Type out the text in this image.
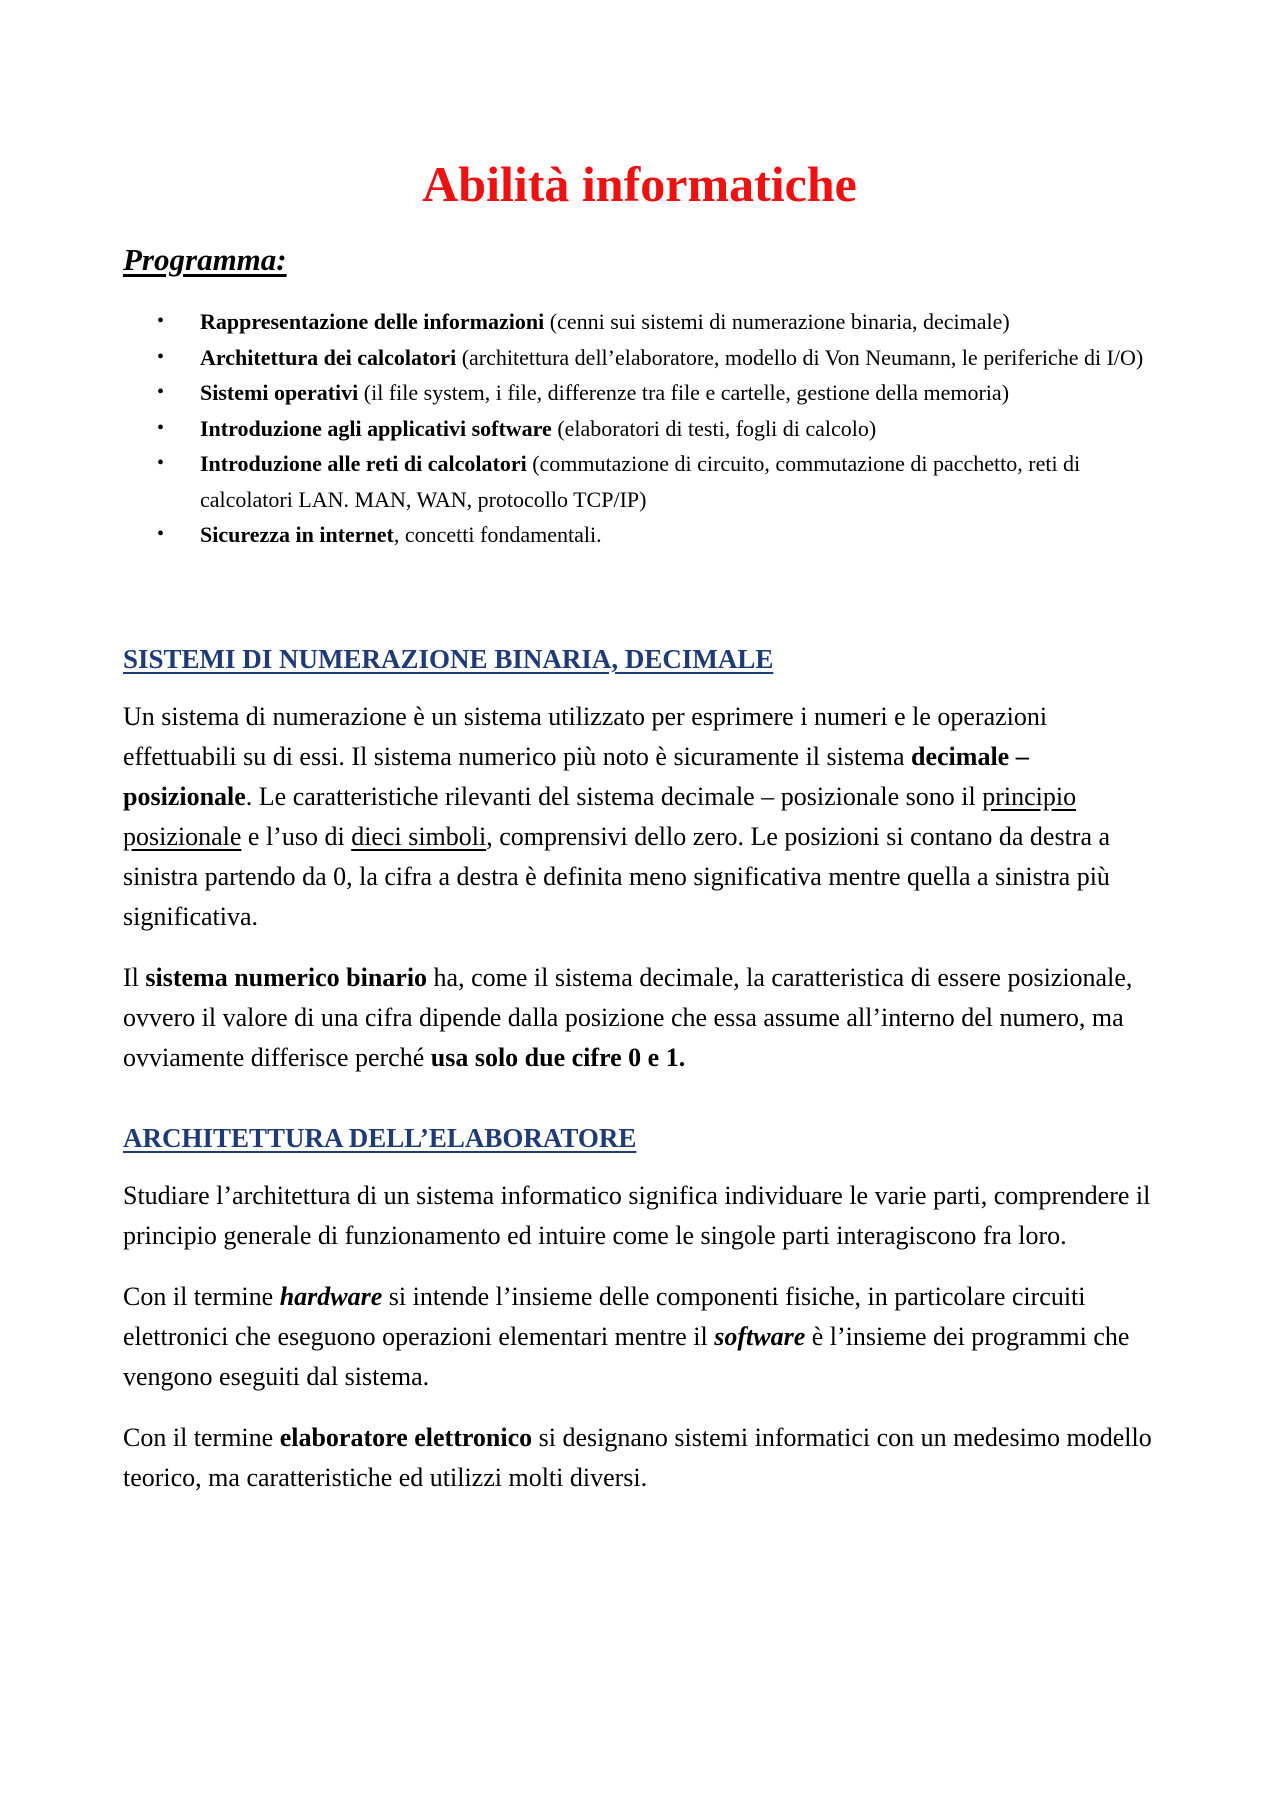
Abilità informatiche
Programma:
• Rappresentazione delle informazioni (cenni sui sistemi di numerazione binaria, decimale)
• Architettura dei calcolatori (architettura dell’elaboratore, modello di Von Neumann, le periferiche di I/O)
• Sistemi operativi (il file system, i file, differenze tra file e cartelle, gestione della memoria)
• Introduzione agli applicativi software (elaboratori di testi, fogli di calcolo)
• Introduzione alle reti di calcolatori (commutazione di circuito, commutazione di pacchetto, reti di calcolatori LAN. MAN, WAN, protocollo TCP/IP)
• Sicurezza in internet, concetti fondamentali.
SISTEMI DI NUMERAZIONE BINARIA, DECIMALE

Un sistema di numerazione è un sistema utilizzato per esprimere i numeri e le operazioni effettuabili su di essi. Il sistema numerico più noto è sicuramente il sistema decimale – posizionale. Le caratteristiche rilevanti del sistema decimale – posizionale sono il principio posizionale e l’uso di dieci simboli, comprensivi dello zero. Le posizioni si contano da destra a sinistra partendo da 0, la cifra a destra è definita meno significativa mentre quella a sinistra più significativa.

Il sistema numerico binario ha, come il sistema decimale, la caratteristica di essere posizionale, ovvero il valore di una cifra dipende dalla posizione che essa assume all’interno del numero, ma ovviamente differisce perché usa solo due cifre 0 e 1.

ARCHITETTURA DELL’ELABORATORE

Studiare l’architettura di un sistema informatico significa individuare le varie parti, comprendere il principio generale di funzionamento ed intuire come le singole parti interagiscono fra loro.

Con il termine hardware si intende l’insieme delle componenti fisiche, in particolare circuiti elettronici che eseguono operazioni elementari mentre il software è l’insieme dei programmi che vengono eseguiti dal sistema.

Con il termine elaboratore elettronico si designano sistemi informatici con un medesimo modello teorico, ma caratteristiche ed utilizzi molti diversi.
